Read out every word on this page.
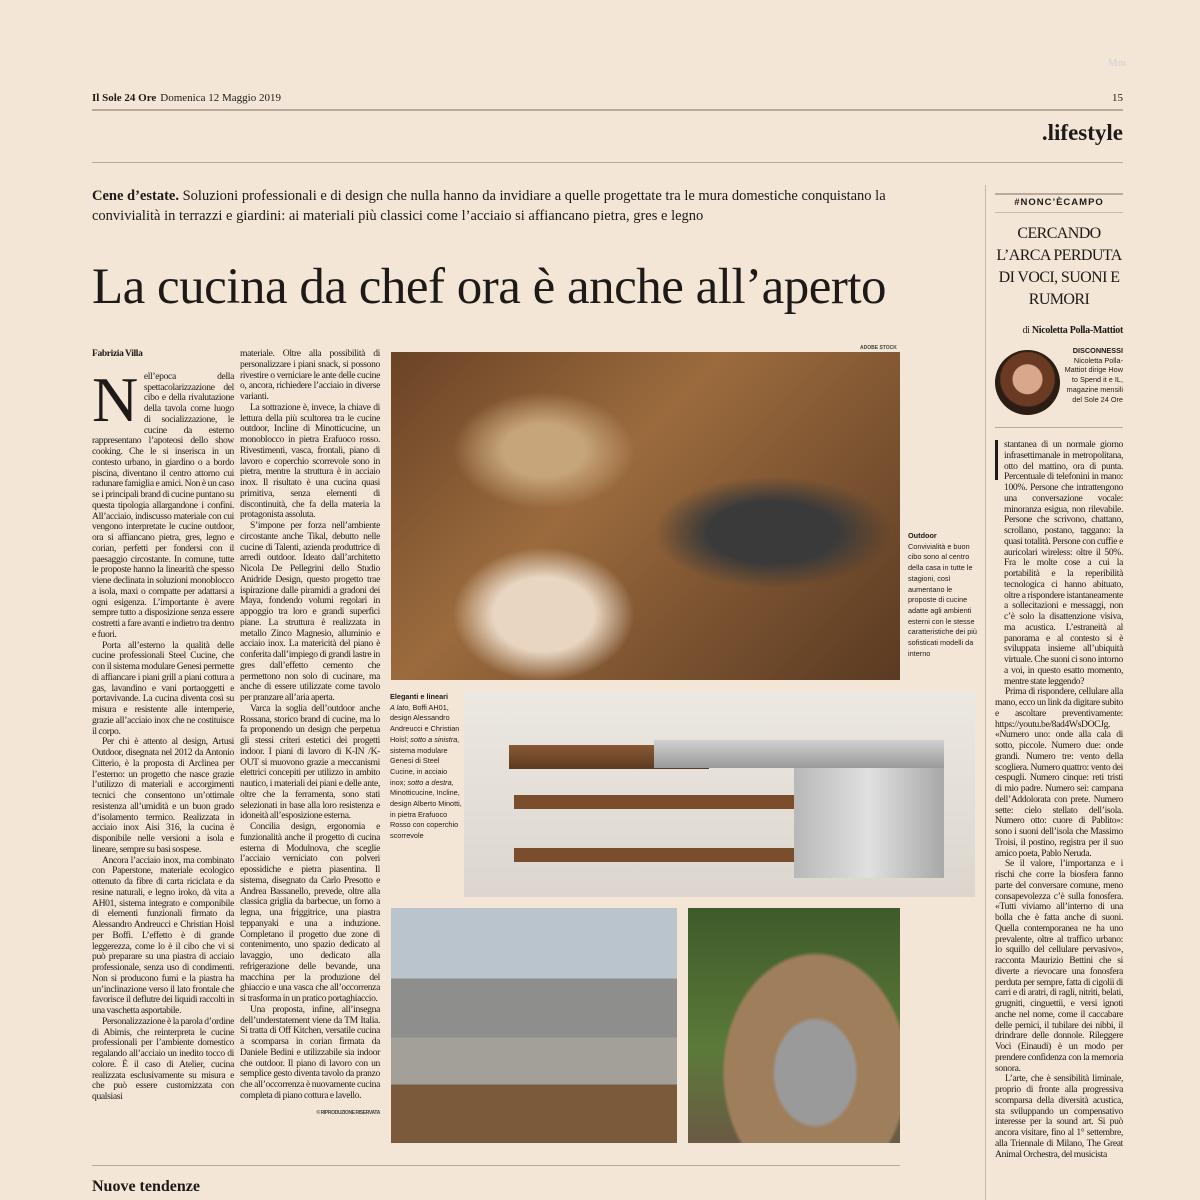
Mm
Il Sole 24 Ore Domenica 12 Maggio 2019	15
.lifestyle
Cene d’estate. Soluzioni professionali e di design che nulla hanno da invidiare a quelle progettate tra le mura domestiche conquistano la convivialità in terrazzi e giardini: ai materiali più classici come l’acciaio si affiancano pietra, gres e legno
La cucina da chef ora è anche all’aperto
Fabrizia Villa
N ell’epoca della spettacolarizzazione del cibo e della rivalutazione della tavola come luogo di socializzazione, le cucine da esterno rappresentano l’apoteosi dello show cooking. Che le si inserisca in un contesto urbano, in giardino o a bordo piscina, diventano il centro attorno cui radunare famiglia e amici. Non è un caso se i principali brand di cucine puntano su questa tipologia allargandone i confini. All’acciaio, indiscusso materiale con cui vengono interpretate le cucine outdoor, ora si affiancano pietra, gres, legno e corian, perfetti per fondersi con il paesaggio circostante. In comune, tutte le proposte hanno la linearità che spesso viene declinata in soluzioni monoblocco a isola, maxi o compatte per adattarsi a ogni esigenza. L’importante è avere sempre tutto a disposizione senza essere costretti a fare avanti e indietro tra dentro e fuori.

Porta all’esterno la qualità delle cucine professionali Steel Cucine, che con il sistema modulare Genesi permette di affiancare i piani grill a piani cottura a gas, lavandino e vani portaoggetti e portavivande. La cucina diventa così su misura e resistente alle intemperie, grazie all’acciaio inox che ne costituisce il corpo.

Per chi è attento al design, Artusi Outdoor, disegnata nel 2012 da Antonio Citterio, è la proposta di Arclinea per l’esterno: un progetto che nasce grazie l’utilizzo di materiali e accorgimenti tecnici che consentono un’ottimale resistenza all’umidità e un buon grado d’isolamento termico. Realizzata in acciaio inox Aisi 316, la cucina è disponibile nelle versioni a isola e lineare, sempre su basi sospese.

Ancora l’acciaio inox, ma combinato con Paperstone, materiale ecologico ottenuto da fibre di carta riciclata e da resine naturali, e legno iroko, dà vita a AH01, sistema integrato e componibile di elementi funzionali firmato da Alessandro Andreucci e Christian Hoisl per Boffi. L’effetto è di grande leggerezza, come lo è il cibo che vi si può preparare su una piastra di acciaio professionale, senza uso di condimenti. Non si producono fumi e la piastra ha un’inclinazione verso il lato frontale che favorisce il deflutre dei liquidi raccolti in una vaschetta asportabile.

Personalizzazione è la parola d’ordine di Abimis, che reinterpreta le cucine professionali per l’ambiente domestico regalando all’acciaio un inedito tocco di colore. È il caso di Atelier, cucina realizzata esclusivamente su misura e che può essere customizzata con qualsiasi

materiale. Oltre alla possibilità di personalizzare i piani snack, si possono rivestire o verniciare le ante delle cucine o, ancora, richiedere l’acciaio in diverse varianti.

La sottrazione è, invece, la chiave di lettura della più scultorea tra le cucine outdoor, Incline di Minotticucine, un monoblocco in pietra Erafuoco rosso. Rivestimenti, vasca, frontali, piano di lavoro e coperchio scorrevole sono in pietra, mentre la struttura è in acciaio inox. Il risultato è una cucina quasi primitiva, senza elementi di discontinuità, che fa della materia la protagonista assoluta.

S’impone per forza nell’ambiente circostante anche Tikal, debutto nelle cucine di Talenti, azienda produttrice di arredi outdoor. Ideato dall’architetto Nicola De Pellegrini dello Studio Anidride Design, questo progetto trae ispirazione dalle piramidi a gradoni dei Maya, fondendo volumi regolari in appoggio tra loro e grandi superfici piane. La struttura è realizzata in metallo Zinco Magnesio, alluminio e acciaio inox. La matericità del piano è conferita dall’impiego di grandi lastre in gres dall’effetto cemento che permettono non solo di cucinare, ma anche di essere utilizzate come tavolo per pranzare all’aria aperta.

Varca la soglia dell’outdoor anche Rossana, storico brand di cucine, ma lo fa proponendo un design che perpetua gli stessi criteri estetici dei progetti indoor. I piani di lavoro di K-IN /K-OUT si muovono grazie a meccanismi elettrici concepiti per utilizzo in ambito nautico, i materiali dei piani e delle ante, oltre che la ferramenta, sono stati selezionati in base alla loro resistenza e idoneità all’esposizione esterna.

Concilia design, ergonomia e funzionalità anche il progetto di cucina esterna di Modulnova, che sceglie l’acciaio verniciato con polveri epossidiche e pietra piasentina. Il sistema, disegnato da Carlo Presotto e Andrea Bassanello, prevede, oltre alla classica griglia da barbecue, un forno a legna, una friggitrice, una piastra teppanyaki e una a induzione. Completano il progetto due zone di contenimento, uno spazio dedicato al lavaggio, uno dedicato alla refrigerazione delle bevande, una macchina per la produzione del ghiaccio e una vasca che all’occorrenza si trasforma in un pratico portaghiaccio.

Una proposta, infine, all’insegna dell’understatement viene da TM Italia. Si tratta di Off Kitchen, versatile cucina a scomparsa in corian firmata da Daniele Bedini e utilizzabile sia indoor che outdoor. Il piano di lavoro con un semplice gesto diventa tavolo da pranzo che all’occorrenza è nuovamente cucina completa di piano cottura e lavello.

© RIPRODUZIONE RISERVATA
ADOBE STOCK
Outdoor
Convivialità e buon cibo sono al centro della casa in tutte le stagioni, così aumentano le proposte di cucine adatte agli ambienti esterni con le stesse caratteristiche dei più sofisticati modelli da interno
Eleganti e lineari
A lato, Boffi AH01, design Alessandro Andreucci e Christian Hoisl; sotto a sinistra, sistema modulare Genesi di Steel Cucine, in acciaio inox; sotto a destra, Minotticucine, Incline, design Alberto Minotti, in pietra Erafuoco Rosso con coperchio scorrevole
Nuove tendenze
#NONC’ÈCAMPO
CERCANDO L’ARCA PERDUTA DI VOCI, SUONI E RUMORI
di Nicoletta Polla-Mattiot
DISCONNESSI
Nicoletta Polla-Mattiot dirige How to Spend it e IL, magazine mensili del Sole 24 Ore

stantanea di un normale giorno infrasettimanale in metropolitana, otto del mattino, ora di punta. Percentuale di telefonini in mano: 100%. Persone che intrattengono una conversazione vocale: minoranza esigua, non rilevabile. Persone che scrivono, chattano, scrollano, postano, taggano: la quasi totalità. Persone con cuffie e auricolari wireless: oltre il 50%. Fra le molte cose a cui la portabilità e la reperibilità tecnologica ci hanno abituato, oltre a rispondere istantaneamente a sollecitazioni e messaggi, non c’è solo la disattenzione visiva, ma acustica. L’estraneità al panorama e al contesto si è sviluppata insieme all’ubiquità virtuale. Che suoni ci sono intorno a voi, in questo esatto momento, mentre state leggendo?

Prima di rispondere, cellulare alla mano, ecco un link da digitare subito e ascoltare preventivamente: https://youtu.be/8ad4WsDOCJg. «Numero uno: onde alla cala di sotto, piccole. Numero due: onde grandi. Numero tre: vento della scogliera. Numero quattro: vento dei cespugli. Numero cinque: reti tristi di mio padre. Numero sei: campana dell’Addolorata con prete. Numero sette: cielo stellato dell’isola. Numero otto: cuore di Pablito»: sono i suoni dell’isola che Massimo Troisi, il postino, registra per il suo amico poeta, Pablo Neruda.

Se il valore, l’importanza e i rischi che corre la biosfera fanno parte del conversare comune, meno consapevolezza c’è sulla fonosfera. «Tutti viviamo all’interno di una bolla che è fatta anche di suoni. Quella contemporanea ne ha uno prevalente, oltre al traffico urbano: lo squillo del cellulare pervasivo», racconta Maurizio Bettini che si diverte a rievocare una fonosfera perduta per sempre, fatta di cigolii di carri e di aratri, di ragli, nitriti, belati, grugniti, cinguettii, e versi ignoti anche nel nome, come il caccabare delle pernici, il tubilare dei nibbi, il drindrare delle donnole. Rileggere Voci (Einaudi) è un modo per prendere confidenza con la memoria sonora.

L’arte, che è sensibilità liminale, proprio di fronte alla progressiva scomparsa della diversità acustica, sta sviluppando un compensativo interesse per la sound art. Si può ancora visitare, fino al 1° settembre, alla Triennale di Milano, The Great Animal Orchestra, del musicista
